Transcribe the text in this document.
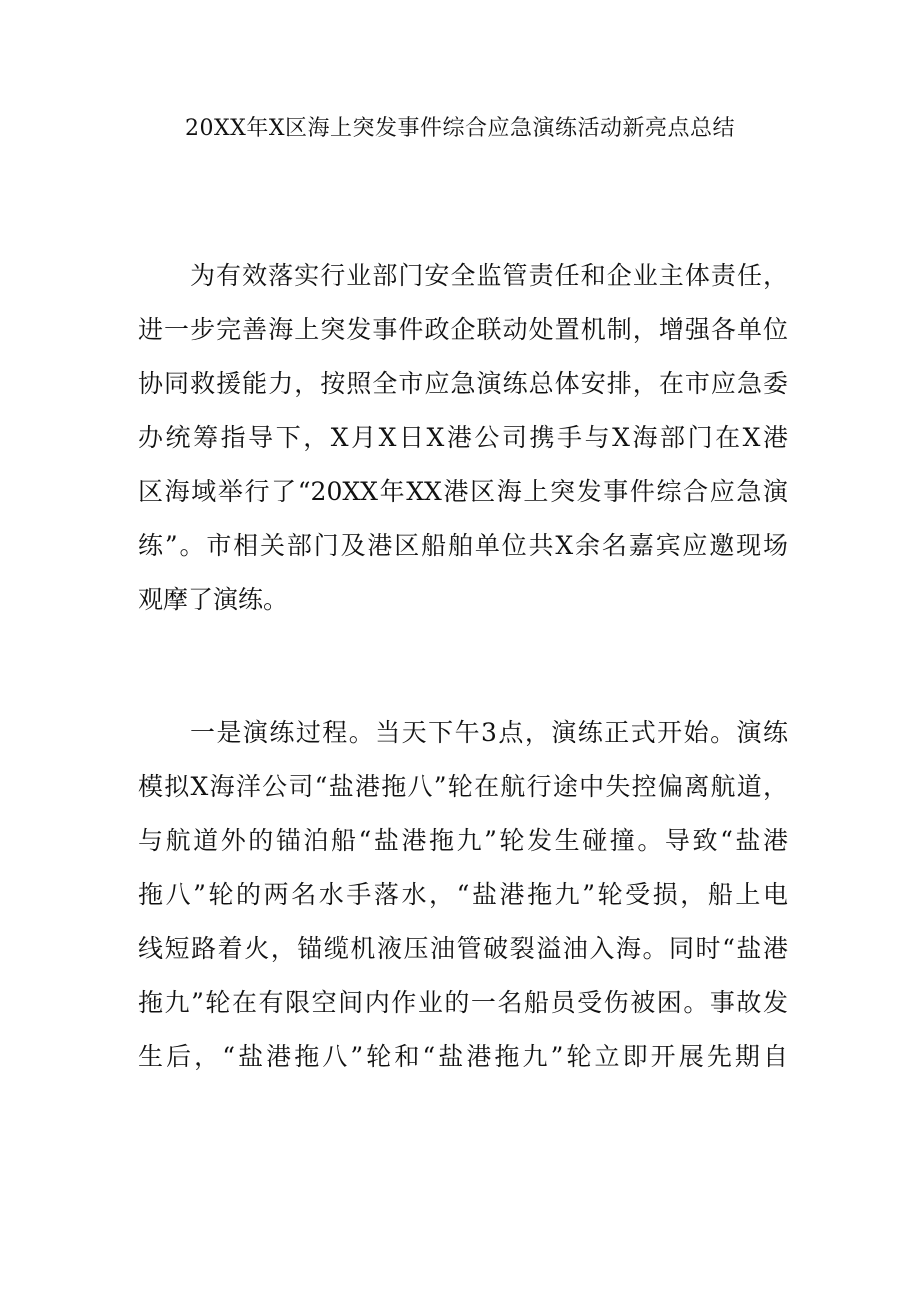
20XX年X区海上突发事件综合应急演练活动新亮点总结
为有效落实行业部门安全监管责任和企业主体责任，
进一步完善海上突发事件政企联动处置机制，增强各单位
协同救援能力，按照全市应急演练总体安排，在市应急委
办统筹指导下，X月X日X港公司携手与X海部门在X港
区海域举行了“20XX年XX港区海上突发事件综合应急演
练”。市相关部门及港区船舶单位共X余名嘉宾应邀现场
观摩了演练。
一是演练过程。当天下午3点，演练正式开始。演练
模拟X海洋公司“盐港拖八”轮在航行途中失控偏离航道，
与航道外的锚泊船“盐港拖九”轮发生碰撞。导致“盐港
拖八”轮的两名水手落水，“盐港拖九”轮受损，船上电
线短路着火，锚缆机液压油管破裂溢油入海。同时“盐港
拖九”轮在有限空间内作业的一名船员受伤被困。事故发
生后，“盐港拖八”轮和“盐港拖九”轮立即开展先期自
